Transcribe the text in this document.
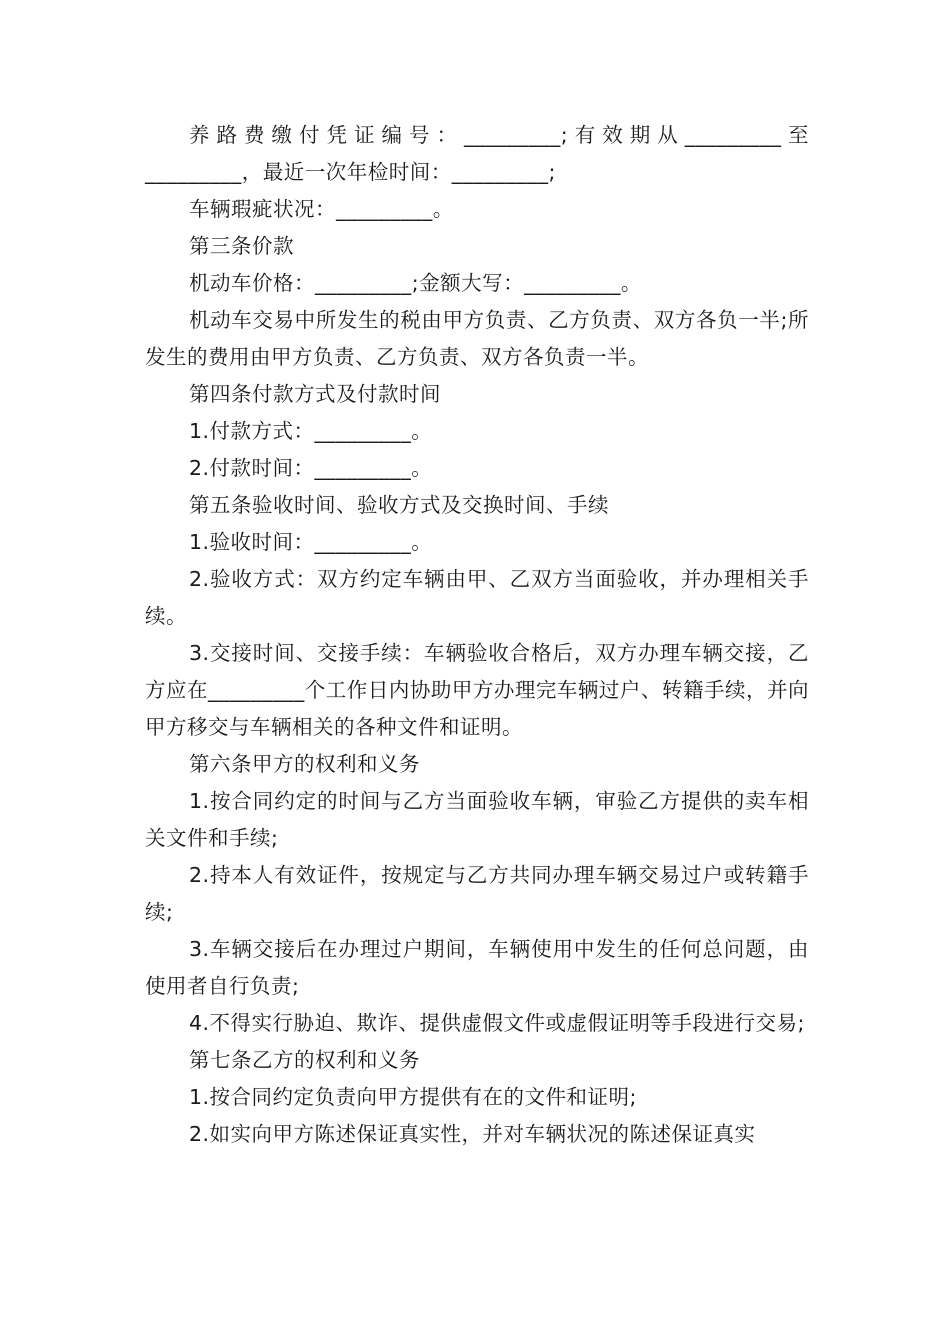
养路费缴付凭证编号：_________;有效期从_________至_________，最近一次年检时间：_________;

车辆瑕疵状况：_________。

第三条价款

机动车价格：_________;金额大写：_________。

机动车交易中所发生的税由甲方负责、乙方负责、双方各负一半;所发生的费用由甲方负责、乙方负责、双方各负责一半。

第四条付款方式及付款时间

1.付款方式：_________。

2.付款时间：_________。

第五条验收时间、验收方式及交换时间、手续

1.验收时间：_________。

2.验收方式：双方约定车辆由甲、乙双方当面验收，并办理相关手续。

3.交接时间、交接手续：车辆验收合格后，双方办理车辆交接，乙方应在_________个工作日内协助甲方办理完车辆过户、转籍手续，并向甲方移交与车辆相关的各种文件和证明。

第六条甲方的权利和义务

1.按合同约定的时间与乙方当面验收车辆，审验乙方提供的卖车相关文件和手续;

2.持本人有效证件，按规定与乙方共同办理车辆交易过户或转籍手续;

3.车辆交接后在办理过户期间，车辆使用中发生的任何总问题，由使用者自行负责;

4.不得实行胁迫、欺诈、提供虚假文件或虚假证明等手段进行交易;

第七条乙方的权利和义务

1.按合同约定负责向甲方提供有在的文件和证明;

2.如实向甲方陈述保证真实性，并对车辆状况的陈述保证真实
